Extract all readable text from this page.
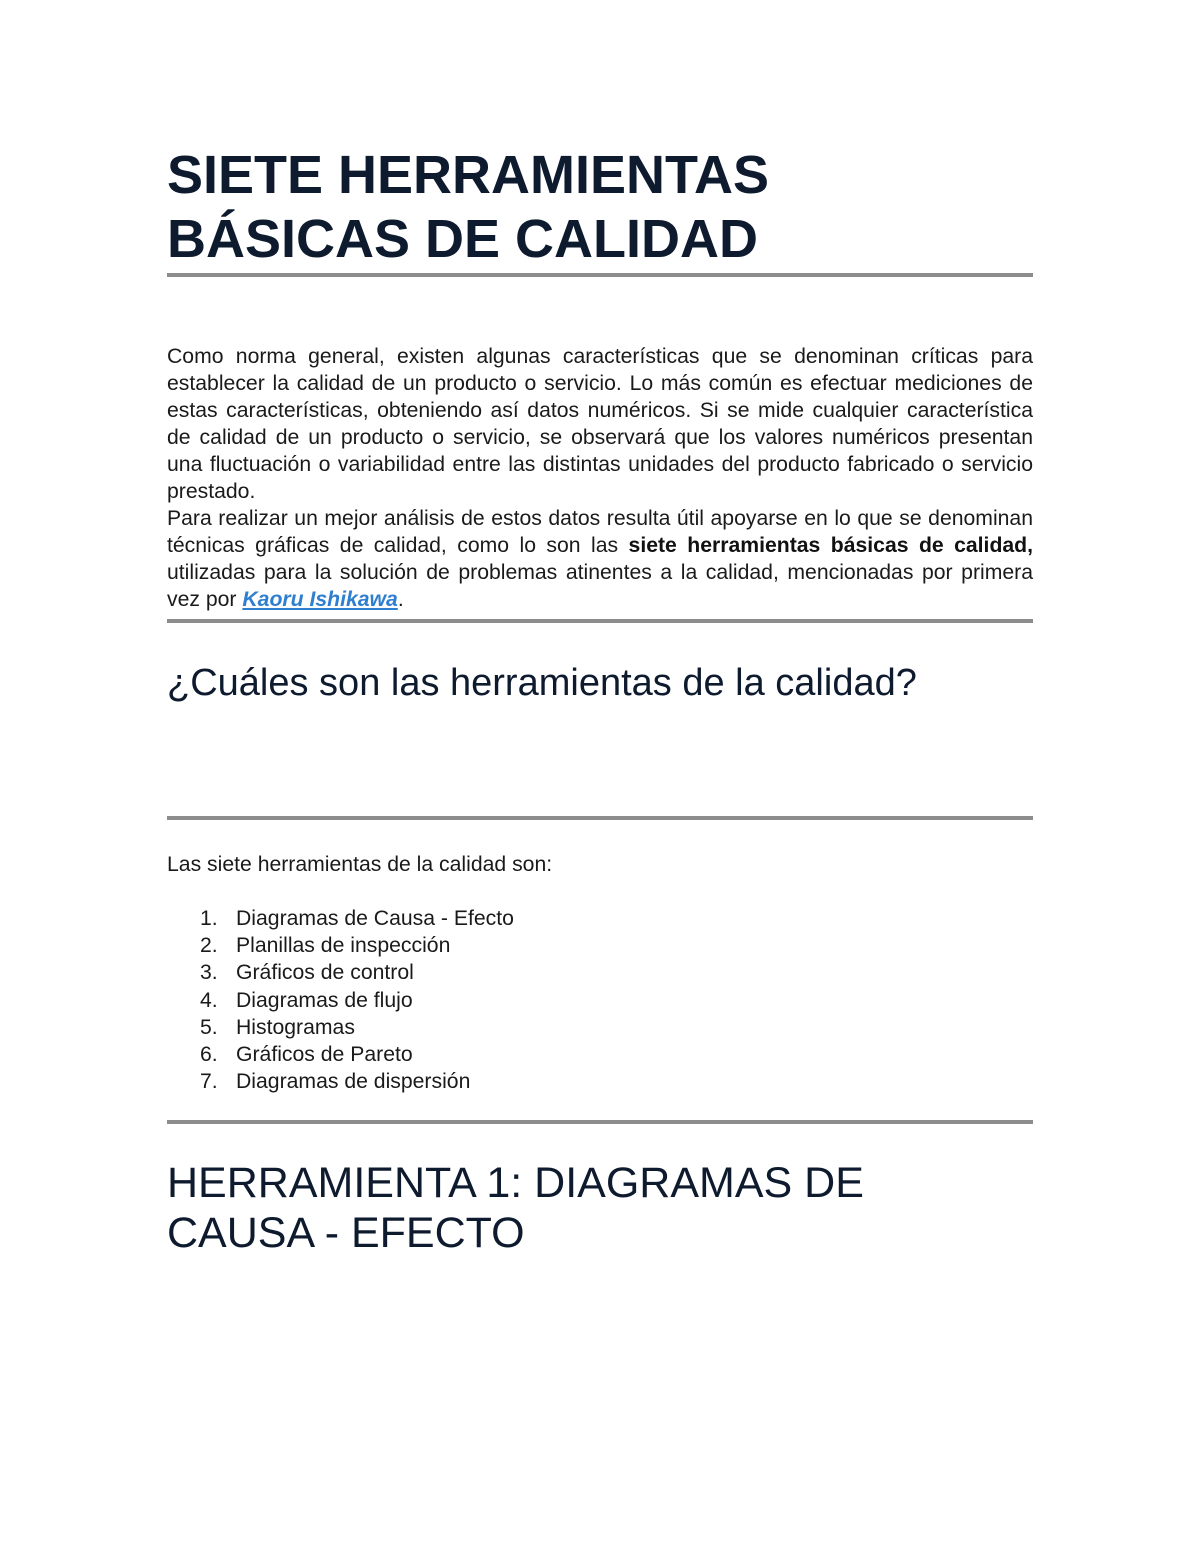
SIETE HERRAMIENTAS
BÁSICAS DE CALIDAD

Como norma general, existen algunas características que se denominan críticas para establecer la calidad de un producto o servicio. Lo más común es efectuar mediciones de estas características, obteniendo así datos numéricos. Si se mide cualquier característica de calidad de un producto o servicio, se observará que los valores numéricos presentan una fluctuación o variabilidad entre las distintas unidades del producto fabricado o servicio prestado.

Para realizar un mejor análisis de estos datos resulta útil apoyarse en lo que se denominan técnicas gráficas de calidad, como lo son las siete herramientas básicas de calidad, utilizadas para la solución de problemas atinentes a la calidad, mencionadas por primera vez por Kaoru Ishikawa.

¿Cuáles son las herramientas de la calidad?

Las siete herramientas de la calidad son:

1. Diagramas de Causa - Efecto
2. Planillas de inspección
3. Gráficos de control
4. Diagramas de flujo
5. Histogramas
6. Gráficos de Pareto
7. Diagramas de dispersión
HERRAMIENTA 1: DIAGRAMAS DE
CAUSA - EFECTO
